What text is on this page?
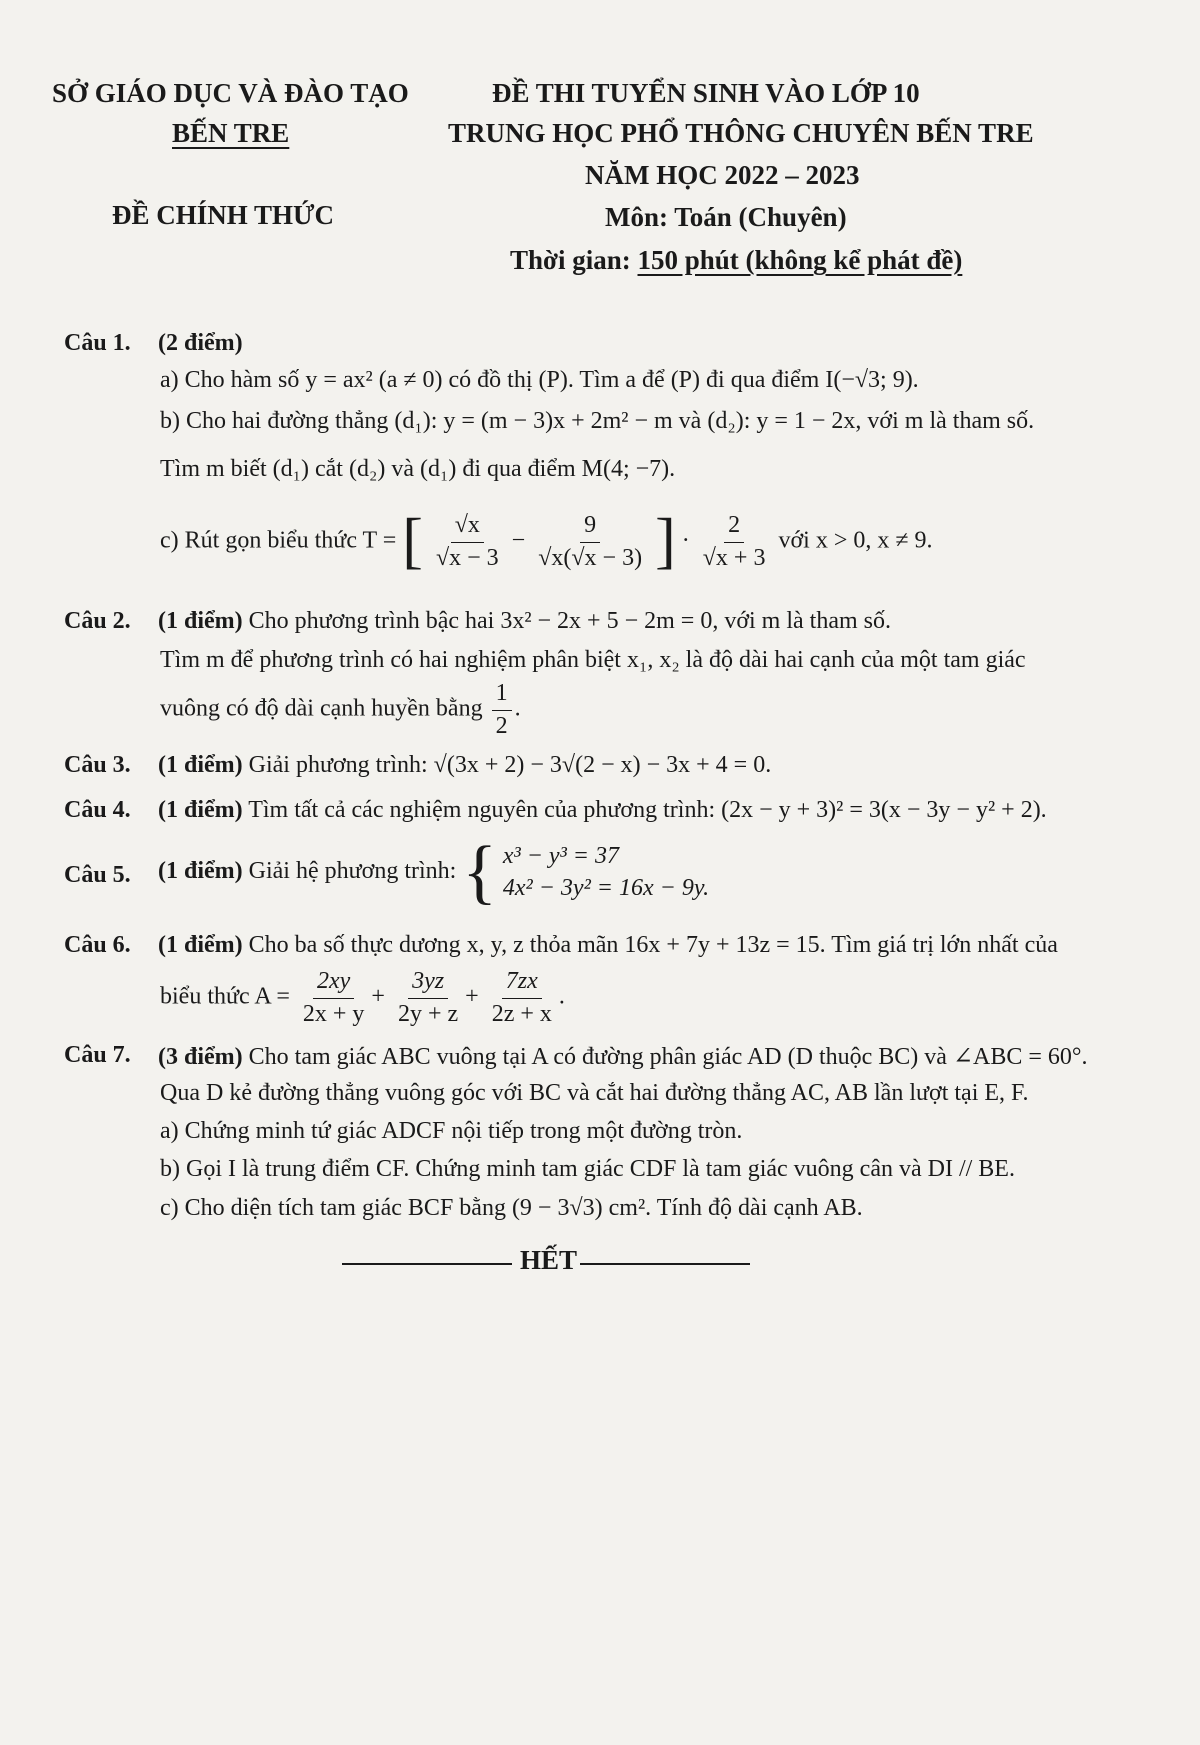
SỞ GIÁO DỤC VÀ ĐÀO TẠO
BẾN TRE
ĐỀ CHÍNH THỨC
ĐỀ THI TUYỂN SINH VÀO LỚP 10
TRUNG HỌC PHỔ THÔNG CHUYÊN BẾN TRE
NĂM HỌC 2022 – 2023
Môn: Toán (Chuyên)
Thời gian: 150 phút (không kể phát đề)
Câu 1. (2 điểm)
a) Cho hàm số y = ax² (a ≠ 0) có đồ thị (P). Tìm a để (P) đi qua điểm I(−√3; 9).
b) Cho hai đường thẳng (d₁): y = (m − 3)x + 2m² − m và (d₂): y = 1 − 2x, với m là tham số.
Tìm m biết (d₁) cắt (d₂) và (d₁) đi qua điểm M(4; −7).
c) Rút gọn biểu thức T = [ $\frac{√x}{√x - 3} - \frac{9}{√x(√x - 3)}$ ] · $\frac{2}{√x + 3}$ với x > 0, x ≠ 9.
Câu 2. (1 điểm) Cho phương trình bậc hai 3x² − 2x + 5 − 2m = 0, với m là tham số.
Tìm m để phương trình có hai nghiệm phân biệt x₁, x₂ là độ dài hai cạnh của một tam giác
vuông có độ dài cạnh huyền bằng $\frac{1}{2}$ .
Câu 3. (1 điểm) Giải phương trình: √(3x + 2) − 3√(2 − x) − 3x + 4 = 0.
Câu 4. (1 điểm) Tìm tất cả các nghiệm nguyên của phương trình: (2x − y + 3)² = 3(x − 3y − y² + 2).
Câu 5. (1 điểm) Giải hệ phương trình: { x³ − y³ = 37
4x² − 3y² = 16x − 9y.
Câu 6. (1 điểm) Cho ba số thực dương x, y, z thỏa mãn 16x + 7y + 13z = 15. Tìm giá trị lớn nhất của
biểu thức $A = \frac{2xy}{2x + y} + \frac{3yz}{2y + z} + \frac{7zx}{2z + x}$ .
Câu 7. (3 điểm) Cho tam giác ABC vuông tại A có đường phân giác AD (D thuộc BC) và ∠ABC = 60°.
Qua D kẻ đường thẳng vuông góc với BC và cắt hai đường thẳng AC, AB lần lượt tại E, F.
a) Chứng minh tứ giác ADCF nội tiếp trong một đường tròn.
b) Gọi I là trung điểm CF. Chứng minh tam giác CDF là tam giác vuông cân và DI // BE.
c) Cho diện tích tam giác BCF bằng (9 − 3√3) cm². Tính độ dài cạnh AB.
HẾT
